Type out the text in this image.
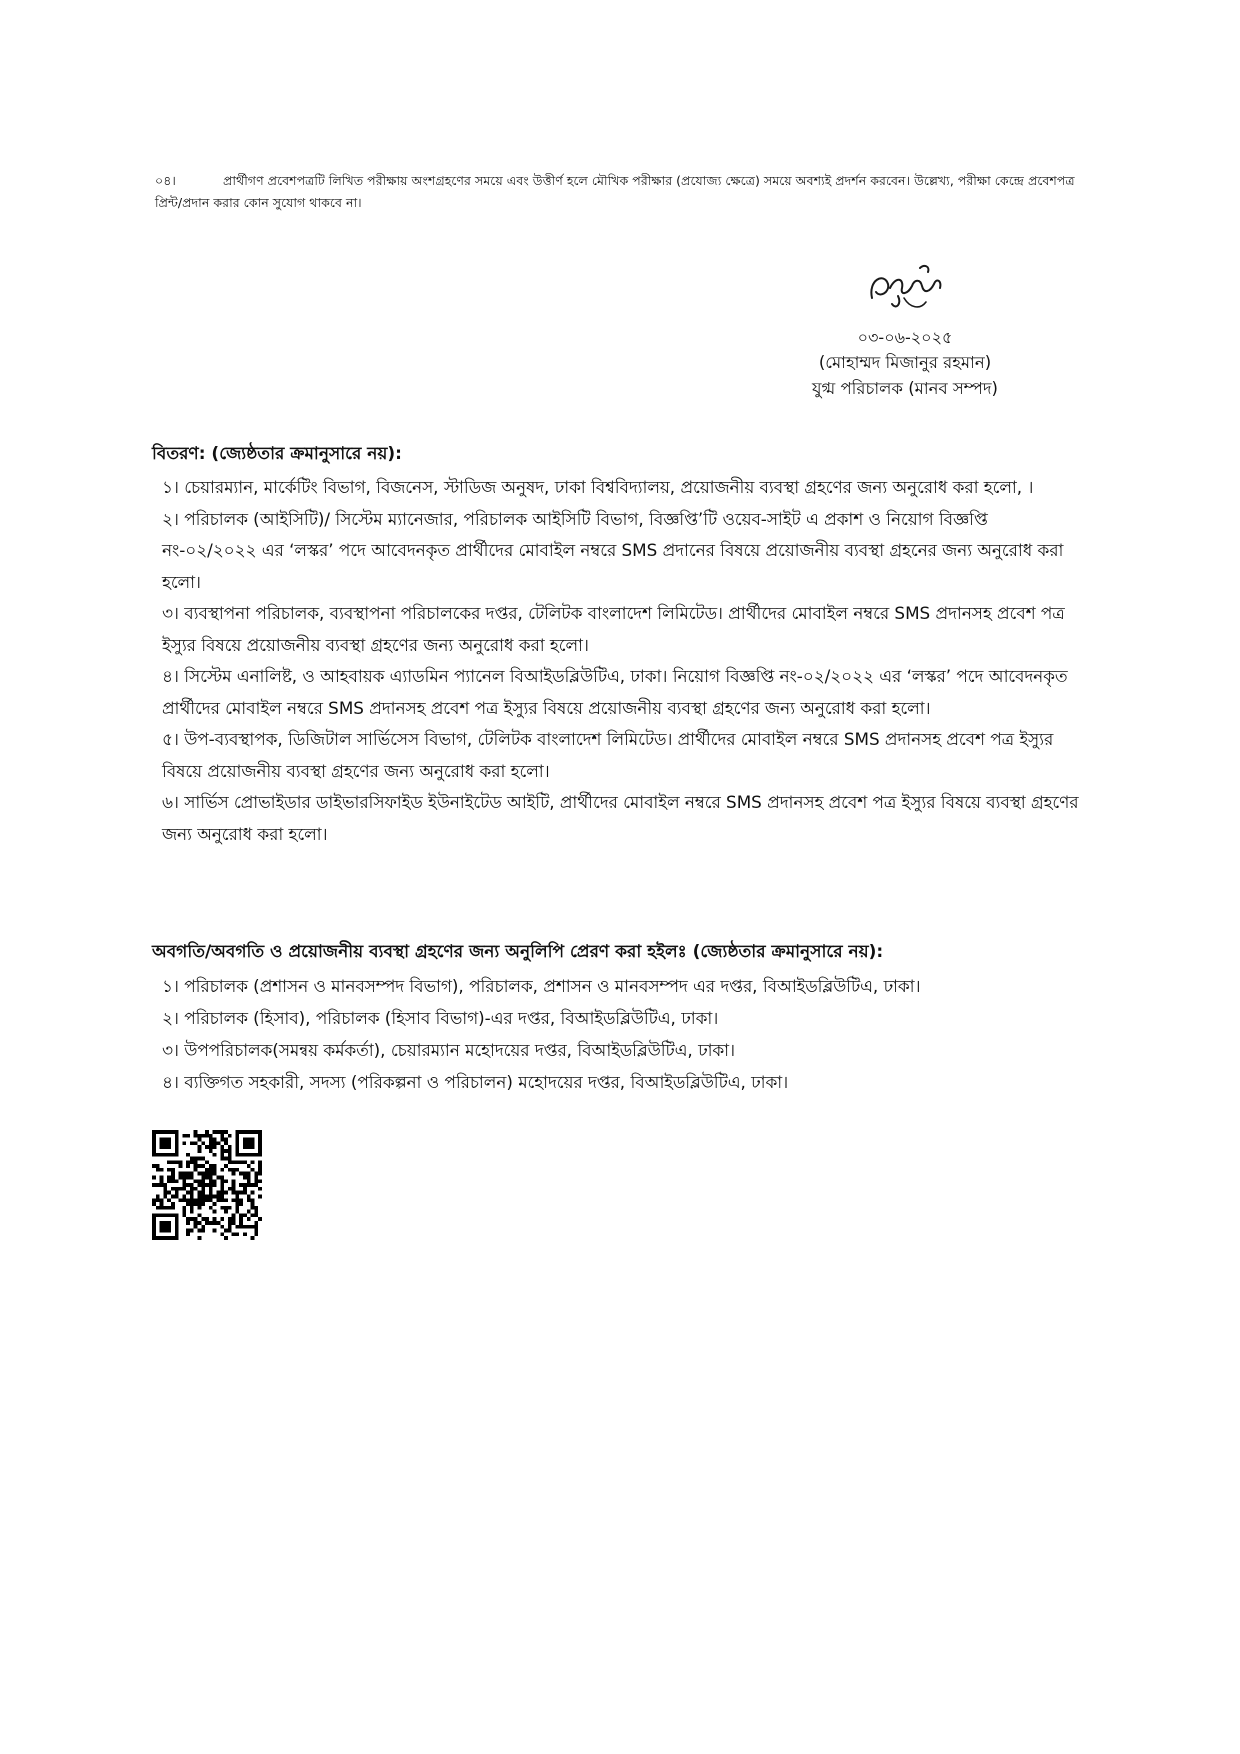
০৪।	প্রার্থীগণ প্রবেশপত্রটি লিখিত পরীক্ষায় অংশগ্রহণের সময়ে এবং উত্তীর্ণ হলে মৌখিক পরীক্ষার (প্রযোজ্য ক্ষেত্রে) সময়ে অবশ্যই প্রদর্শন করবেন। উল্লেখ্য, পরীক্ষা কেন্দ্রে প্রবেশপত্র প্রিন্ট/প্রদান করার কোন সুযোগ থাকবে না।
০৩-০৬-২০২৫
(মোহাম্মদ মিজানুর রহমান)
যুগ্ম পরিচালক (মানব সম্পদ)
বিতরণ: (জ্যেষ্ঠতার ক্রমানুসারে নয়):
১। চেয়ারম্যান, মার্কেটিং বিভাগ, বিজনেস, স্টাডিজ অনুষদ, ঢাকা বিশ্ববিদ্যালয়, প্রয়োজনীয় ব্যবস্থা গ্রহণের জন্য অনুরোধ করা হলো, ।
২। পরিচালক (আইসিটি)/ সিস্টেম ম্যানেজার, পরিচালক আইসিটি বিভাগ, বিজ্ঞপ্তি’টি ওয়েব-সাইট এ প্রকাশ ও নিয়োগ বিজ্ঞপ্তি নং-০২/২০২২ এর ‘লস্কর’ পদে আবেদনকৃত প্রার্থীদের মোবাইল নম্বরে SMS প্রদানের বিষয়ে প্রয়োজনীয় ব্যবস্থা গ্রহনের জন্য অনুরোধ করা হলো।
৩। ব্যবস্থাপনা পরিচালক, ব্যবস্থাপনা পরিচালকের দপ্তর, টেলিটক বাংলাদেশ লিমিটেড। প্রার্থীদের মোবাইল নম্বরে SMS প্রদানসহ প্রবেশ পত্র ইস্যুর বিষয়ে প্রয়োজনীয় ব্যবস্থা গ্রহণের জন্য অনুরোধ করা হলো।
৪। সিস্টেম এনালিষ্ট, ও আহবায়ক এ্যাডমিন প্যানেল বিআইডব্লিউটিএ, ঢাকা। নিয়োগ বিজ্ঞপ্তি নং-০২/২০২২ এর ‘লস্কর’ পদে আবেদনকৃত প্রার্থীদের মোবাইল নম্বরে SMS প্রদানসহ প্রবেশ পত্র ইস্যুর বিষয়ে প্রয়োজনীয় ব্যবস্থা গ্রহণের জন্য অনুরোধ করা হলো।
৫। উপ-ব্যবস্থাপক, ডিজিটাল সার্ভিসেস বিভাগ, টেলিটক বাংলাদেশ লিমিটেড। প্রার্থীদের মোবাইল নম্বরে SMS প্রদানসহ প্রবেশ পত্র ইস্যুর বিষয়ে প্রয়োজনীয় ব্যবস্থা গ্রহণের জন্য অনুরোধ করা হলো।
৬। সার্ভিস প্রোভাইডার ডাইভারসিফাইড ইউনাইটেড আইটি, প্রার্থীদের মোবাইল নম্বরে SMS প্রদানসহ প্রবেশ পত্র ইস্যুর বিষয়ে ব্যবস্থা গ্রহণের জন্য অনুরোধ করা হলো।
অবগতি/অবগতি ও প্রয়োজনীয় ব্যবস্থা গ্রহণের জন্য অনুলিপি প্রেরণ করা হইলঃ (জ্যেষ্ঠতার ক্রমানুসারে নয়):
১। পরিচালক (প্রশাসন ও মানবসম্পদ বিভাগ), পরিচালক, প্রশাসন ও মানবসম্পদ এর দপ্তর, বিআইডব্লিউটিএ, ঢাকা।
২। পরিচালক (হিসাব), পরিচালক (হিসাব বিভাগ)-এর দপ্তর, বিআইডব্লিউটিএ, ঢাকা।
৩। উপপরিচালক(সমন্বয় কর্মকর্তা), চেয়ারম্যান মহোদয়ের দপ্তর, বিআইডব্লিউটিএ, ঢাকা।
৪। ব্যক্তিগত সহকারী, সদস্য (পরিকল্পনা ও পরিচালন) মহোদয়ের দপ্তর, বিআইডব্লিউটিএ, ঢাকা।
